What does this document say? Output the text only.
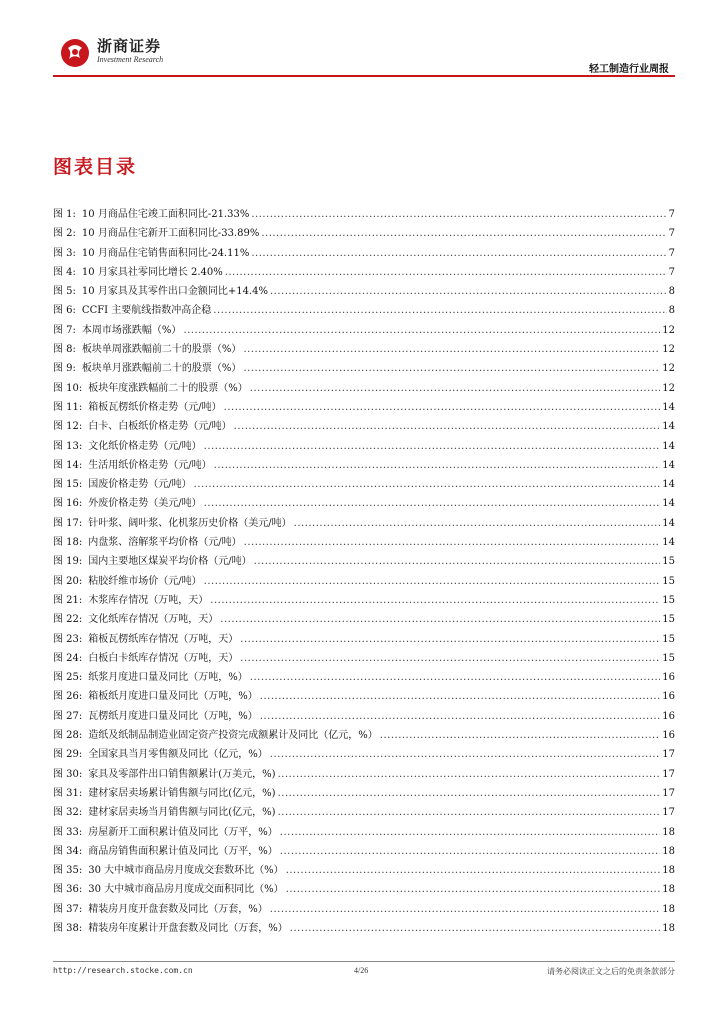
浙商证券
Investment Research
轻工制造行业周报
图表目录
图 1: 10 月商品住宅竣工面积同比-21.33% .....	7
图 2: 10 月商品住宅新开工面积同比-33.89% .....	7
图 3: 10 月商品住宅销售面积同比-24.11% .....	7
图 4: 10 月家具社零同比增长 2.40% .....	7
图 5: 10 月家具及其零件出口金额同比+14.4% .....	8
图 6: CCFI 主要航线指数冲高企稳 .....	8
图 7: 本周市场涨跌幅（%） .....	12
图 8: 板块单周涨跌幅前二十的股票（%） .....	12
图 9: 板块单月涨跌幅前二十的股票（%） .....	12
图 10: 板块年度涨跌幅前二十的股票（%） .....	12
图 11: 箱板瓦楞纸价格走势（元/吨） .....	14
图 12: 白卡、白板纸价格走势（元/吨） .....	14
图 13: 文化纸价格走势（元/吨） .....	14
图 14: 生活用纸价格走势（元/吨） .....	14
图 15: 国废价格走势（元/吨） .....	14
图 16: 外废价格走势（美元/吨） .....	14
图 17: 针叶浆、阔叶浆、化机浆历史价格（美元/吨） .....	14
图 18: 内盘浆、溶解浆平均价格（元/吨） .....	14
图 19: 国内主要地区煤炭平均价格（元/吨） .....	15
图 20: 粘胶纤维市场价（元/吨） .....	15
图 21: 木浆库存情况（万吨，天） .....	15
图 22: 文化纸库存情况（万吨，天） .....	15
图 23: 箱板瓦楞纸库存情况（万吨，天） .....	15
图 24: 白板白卡纸库存情况（万吨，天） .....	15
图 25: 纸浆月度进口量及同比（万吨，%） .....	16
图 26: 箱板纸月度进口量及同比（万吨，%） .....	16
图 27: 瓦楞纸月度进口量及同比（万吨，%） .....	16
图 28: 造纸及纸制品制造业固定资产投资完成额累计及同比（亿元，%） .....	16
图 29: 全国家具当月零售额及同比（亿元，%） .....	17
图 30: 家具及零部件出口销售额累计(万美元，%) .....	17
图 31: 建材家居卖场累计销售额与同比(亿元，%) .....	17
图 32: 建材家居卖场当月销售额与同比(亿元，%) .....	17
图 33: 房屋新开工面积累计值及同比（万平，%） .....	18
图 34: 商品房销售面积累计值及同比（万平，%） .....	18
图 35: 30 大中城市商品房月度成交套数环比（%） .....	18
图 36: 30 大中城市商品房月度成交面积同比（%） .....	18
图 37: 精装房月度开盘套数及同比（万套，%） .....	18
图 38: 精装房年度累计开盘套数及同比（万套，%） .....	18
http://research.stocke.com.cn	4/26	请务必阅读正文之后的免责条款部分
